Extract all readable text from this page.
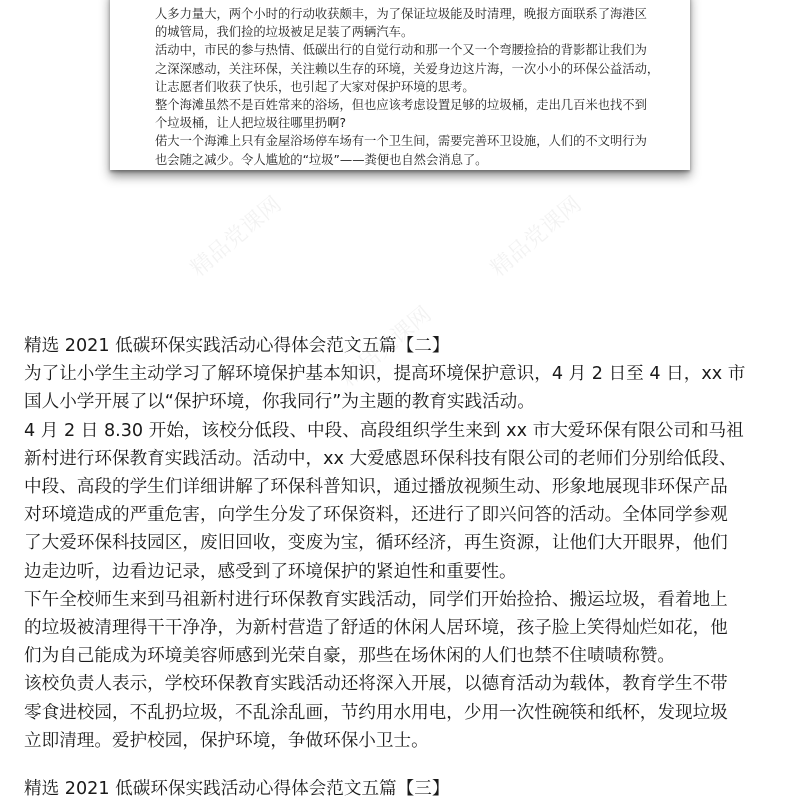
精品党课网	精品党课网
精品党课网
人多力量大，两个小时的行动收获颇丰，为了保证垃圾能及时清理，晚报方面联系了海港区
的城管局，我们捡的垃圾被足足装了两辆汽车。
活动中，市民的参与热情、低碳出行的自觉行动和那一个又一个弯腰捡拾的背影都让我们为
之深深感动，关注环保，关注赖以生存的环境，关爱身边这片海，一次小小的环保公益活动，
让志愿者们收获了快乐，也引起了大家对保护环境的思考。
整个海滩虽然不是百姓常来的浴场，但也应该考虑设置足够的垃圾桶，走出几百米也找不到
个垃圾桶，让人把垃圾往哪里扔啊?
偌大一个海滩上只有金屋浴场停车场有一个卫生间，需要完善环卫设施，人们的不文明行为
也会随之减少。令人尴尬的“垃圾”——粪便也自然会消息了。
精选 2021 低碳环保实践活动心得体会范文五篇【二】
为了让小学生主动学习了解环境保护基本知识，提高环境保护意识，4 月 2 日至 4 日，xx 市
国人小学开展了以“保护环境，你我同行”为主题的教育实践活动。
4 月 2 日 8.30 开始，该校分低段、中段、高段组织学生来到 xx 市大爱环保有限公司和马祖
新村进行环保教育实践活动。活动中，xx 大爱感恩环保科技有限公司的老师们分别给低段、
中段、高段的学生们详细讲解了环保科普知识，通过播放视频生动、形象地展现非环保产品
对环境造成的严重危害，向学生分发了环保资料，还进行了即兴问答的活动。全体同学参观
了大爱环保科技园区，废旧回收，变废为宝，循环经济，再生资源，让他们大开眼界，他们
边走边听，边看边记录，感受到了环境保护的紧迫性和重要性。
下午全校师生来到马祖新村进行环保教育实践活动，同学们开始捡拾、搬运垃圾，看着地上
的垃圾被清理得干干净净，为新村营造了舒适的休闲人居环境，孩子脸上笑得灿烂如花，他
们为自己能成为环境美容师感到光荣自豪，那些在场休闲的人们也禁不住啧啧称赞。
该校负责人表示，学校环保教育实践活动还将深入开展，以德育活动为载体，教育学生不带
零食进校园，不乱扔垃圾，不乱涂乱画，节约用水用电，少用一次性碗筷和纸杯，发现垃圾
立即清理。爱护校园，保护环境，争做环保小卫士。
精选 2021 低碳环保实践活动心得体会范文五篇【三】
